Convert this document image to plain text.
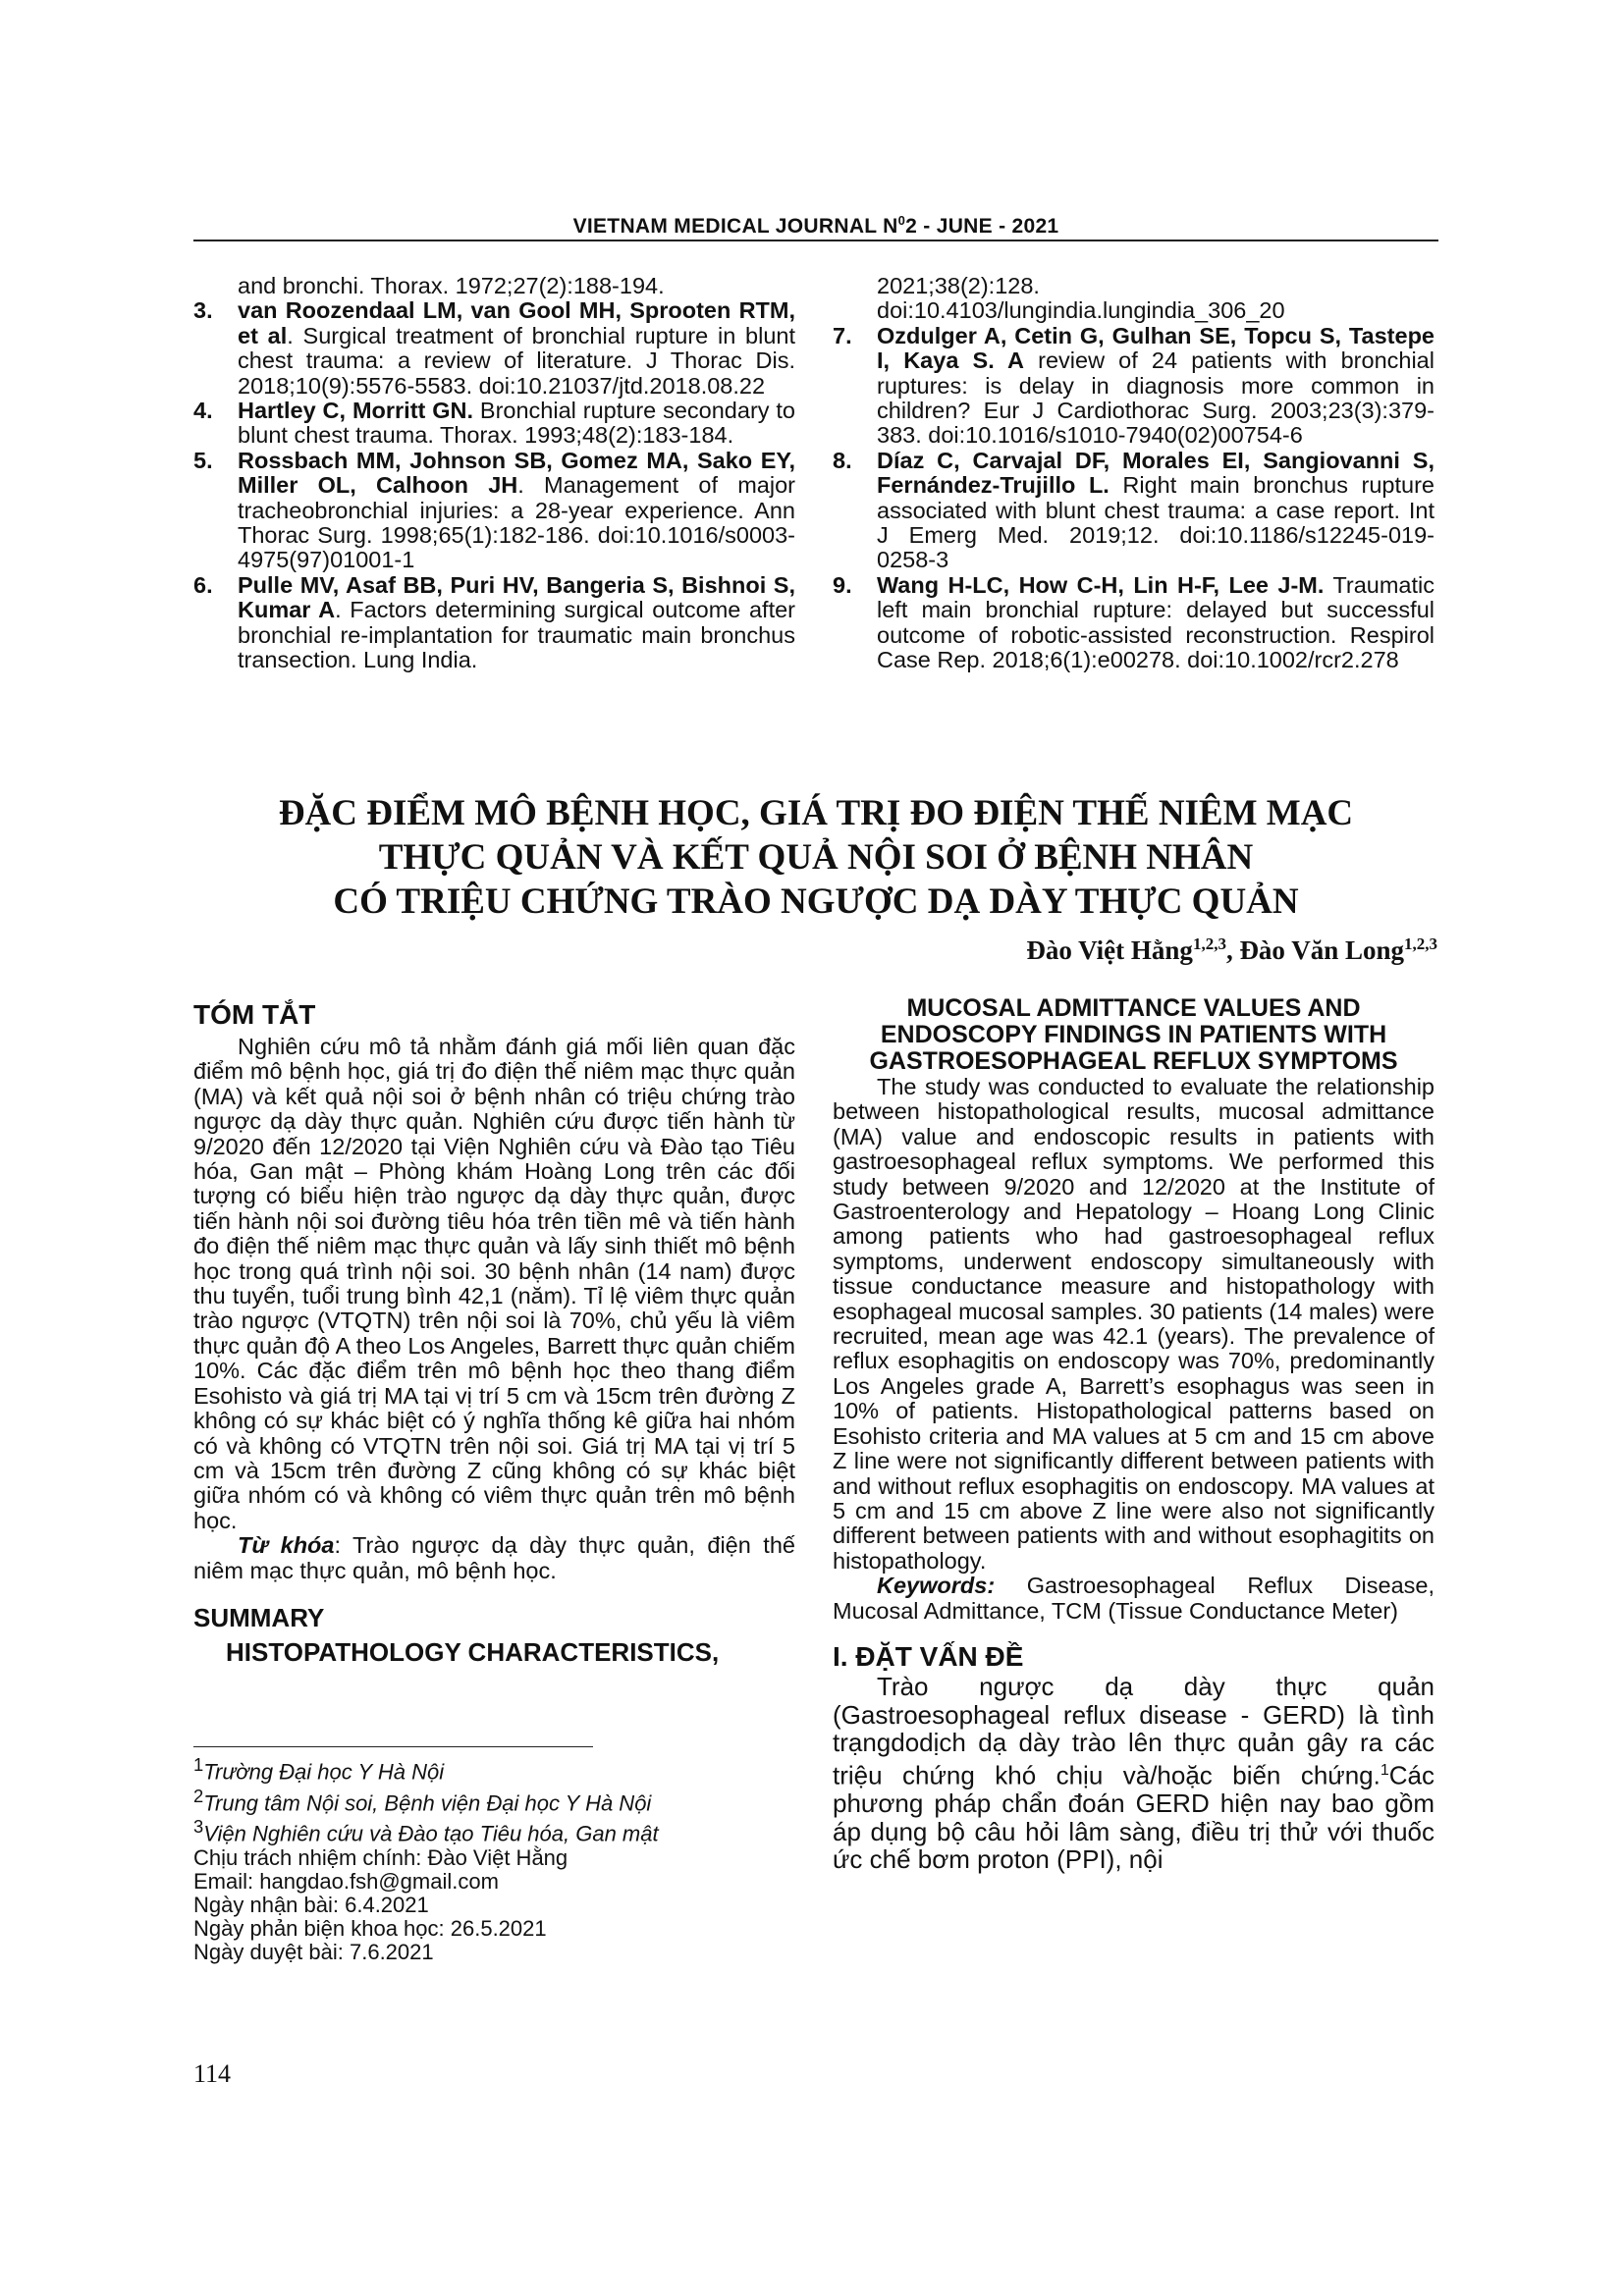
VIETNAM MEDICAL JOURNAL $N^02$ - JUNE - 2021
and bronchi. Thorax. 1972;27(2):188-194.
3. van Roozendaal LM, van Gool MH, Sprooten RTM, et al. Surgical treatment of bronchial rupture in blunt chest trauma: a review of literature. J Thorac Dis. 2018;10(9):5576-5583. doi:10.21037/jtd.2018.08.22
4. Hartley C, Morritt GN. Bronchial rupture secondary to blunt chest trauma. Thorax. 1993;48(2):183-184.
5. Rossbach MM, Johnson SB, Gomez MA, Sako EY, Miller OL, Calhoon JH. Management of major tracheobronchial injuries: a 28-year experience. Ann Thorac Surg. 1998;65(1):182-186. doi:10.1016/s0003-4975(97)01001-1
6. Pulle MV, Asaf BB, Puri HV, Bangeria S, Bishnoi S, Kumar A. Factors determining surgical outcome after bronchial re-implantation for traumatic main bronchus transection. Lung India.
2021;38(2):128.
doi:10.4103/lungindia.lungindia_306_20
7. Ozdulger A, Cetin G, Gulhan SE, Topcu S, Tastepe I, Kaya S. A review of 24 patients with bronchial ruptures: is delay in diagnosis more common in children? Eur J Cardiothorac Surg. 2003;23(3):379-383. doi:10.1016/s1010-7940(02)00754-6
8. Díaz C, Carvajal DF, Morales EI, Sangiovanni S, Fernández-Trujillo L. Right main bronchus rupture associated with blunt chest trauma: a case report. Int J Emerg Med. 2019;12. doi:10.1186/s12245-019-0258-3
9. Wang H-LC, How C-H, Lin H-F, Lee J-M. Traumatic left main bronchial rupture: delayed but successful outcome of robotic-assisted reconstruction. Respirol Case Rep. 2018;6(1):e00278. doi:10.1002/rcr2.278
ĐẶC ĐIỂM MÔ BỆNH HỌC, GIÁ TRỊ ĐO ĐIỆN THẾ NIÊM MẠC
THỰC QUẢN VÀ KẾT QUẢ NỘI SOI Ở BỆNH NHÂN
CÓ TRIỆU CHỨNG TRÀO NGƯỢC DẠ DÀY THỰC QUẢN
Đào Việt Hằng$^{1,2,3}$, Đào Văn Long$^{1,2,3}$
TÓM TẮT
Nghiên cứu mô tả nhằm đánh giá mối liên quan đặc điểm mô bệnh học, giá trị đo điện thế niêm mạc thực quản (MA) và kết quả nội soi ở bệnh nhân có triệu chứng trào ngược dạ dày thực quản. Nghiên cứu được tiến hành từ 9/2020 đến 12/2020 tại Viện Nghiên cứu và Đào tạo Tiêu hóa, Gan mật – Phòng khám Hoàng Long trên các đối tượng có biểu hiện trào ngược dạ dày thực quản, được tiến hành nội soi đường tiêu hóa trên tiền mê và tiến hành đo điện thế niêm mạc thực quản và lấy sinh thiết mô bệnh học trong quá trình nội soi. 30 bệnh nhân (14 nam) được thu tuyển, tuổi trung bình 42,1 (năm). Tỉ lệ viêm thực quản trào ngược (VTQTN) trên nội soi là 70%, chủ yếu là viêm thực quản độ A theo Los Angeles, Barrett thực quản chiếm 10%. Các đặc điểm trên mô bệnh học theo thang điểm Esohisto và giá trị MA tại vị trí 5 cm và 15cm trên đường Z không có sự khác biệt có ý nghĩa thống kê giữa hai nhóm có và không có VTQTN trên nội soi. Giá trị MA tại vị trí 5 cm và 15cm trên đường Z cũng không có sự khác biệt giữa nhóm có và không có viêm thực quản trên mô bệnh học.
Từ khóa: Trào ngược dạ dày thực quản, điện thế niêm mạc thực quản, mô bệnh học.
SUMMARY
HISTOPATHOLOGY CHARACTERISTICS,
$^1$Trường Đại học Y Hà Nội
$^2$Trung tâm Nội soi, Bệnh viện Đại học Y Hà Nội
$^3$Viện Nghiên cứu và Đào tạo Tiêu hóa, Gan mật
Chịu trách nhiệm chính: Đào Việt Hằng
Email: hangdao.fsh@gmail.com
Ngày nhận bài: 6.4.2021
Ngày phản biện khoa học: 26.5.2021
Ngày duyệt bài: 7.6.2021
MUCOSAL ADMITTANCE VALUES AND ENDOSCOPY FINDINGS IN PATIENTS WITH GASTROESOPHAGEAL REFLUX SYMPTOMS
The study was conducted to evaluate the relationship between histopathological results, mucosal admittance (MA) value and endoscopic results in patients with gastroesophageal reflux symptoms. We performed this study between 9/2020 and 12/2020 at the Institute of Gastroenterology and Hepatology – Hoang Long Clinic among patients who had gastroesophageal reflux symptoms, underwent endoscopy simultaneously with tissue conductance measure and histopathology with esophageal mucosal samples. 30 patients (14 males) were recruited, mean age was 42.1 (years). The prevalence of reflux esophagitis on endoscopy was 70%, predominantly Los Angeles grade A, Barrett’s esophagus was seen in 10% of patients. Histopathological patterns based on Esohisto criteria and MA values at 5 cm and 15 cm above Z line were not significantly different between patients with and without reflux esophagitis on endoscopy. MA values at 5 cm and 15 cm above Z line were also not significantly different between patients with and without esophagitits on histopathology.
Keywords: Gastroesophageal Reflux Disease, Mucosal Admittance, TCM (Tissue Conductance Meter)
I. ĐẶT VẤN ĐỀ
Trào ngược dạ dày thực quản (Gastroesophageal reflux disease - GERD) là tình trạngdodịch dạ dày trào lên thực quản gây ra các triệu chứng khó chịu và/hoặc biến chứng.$^1$Các phương pháp chẩn đoán GERD hiện nay bao gồm áp dụng bộ câu hỏi lâm sàng, điều trị thử với thuốc ức chế bơm proton (PPI), nội
114
